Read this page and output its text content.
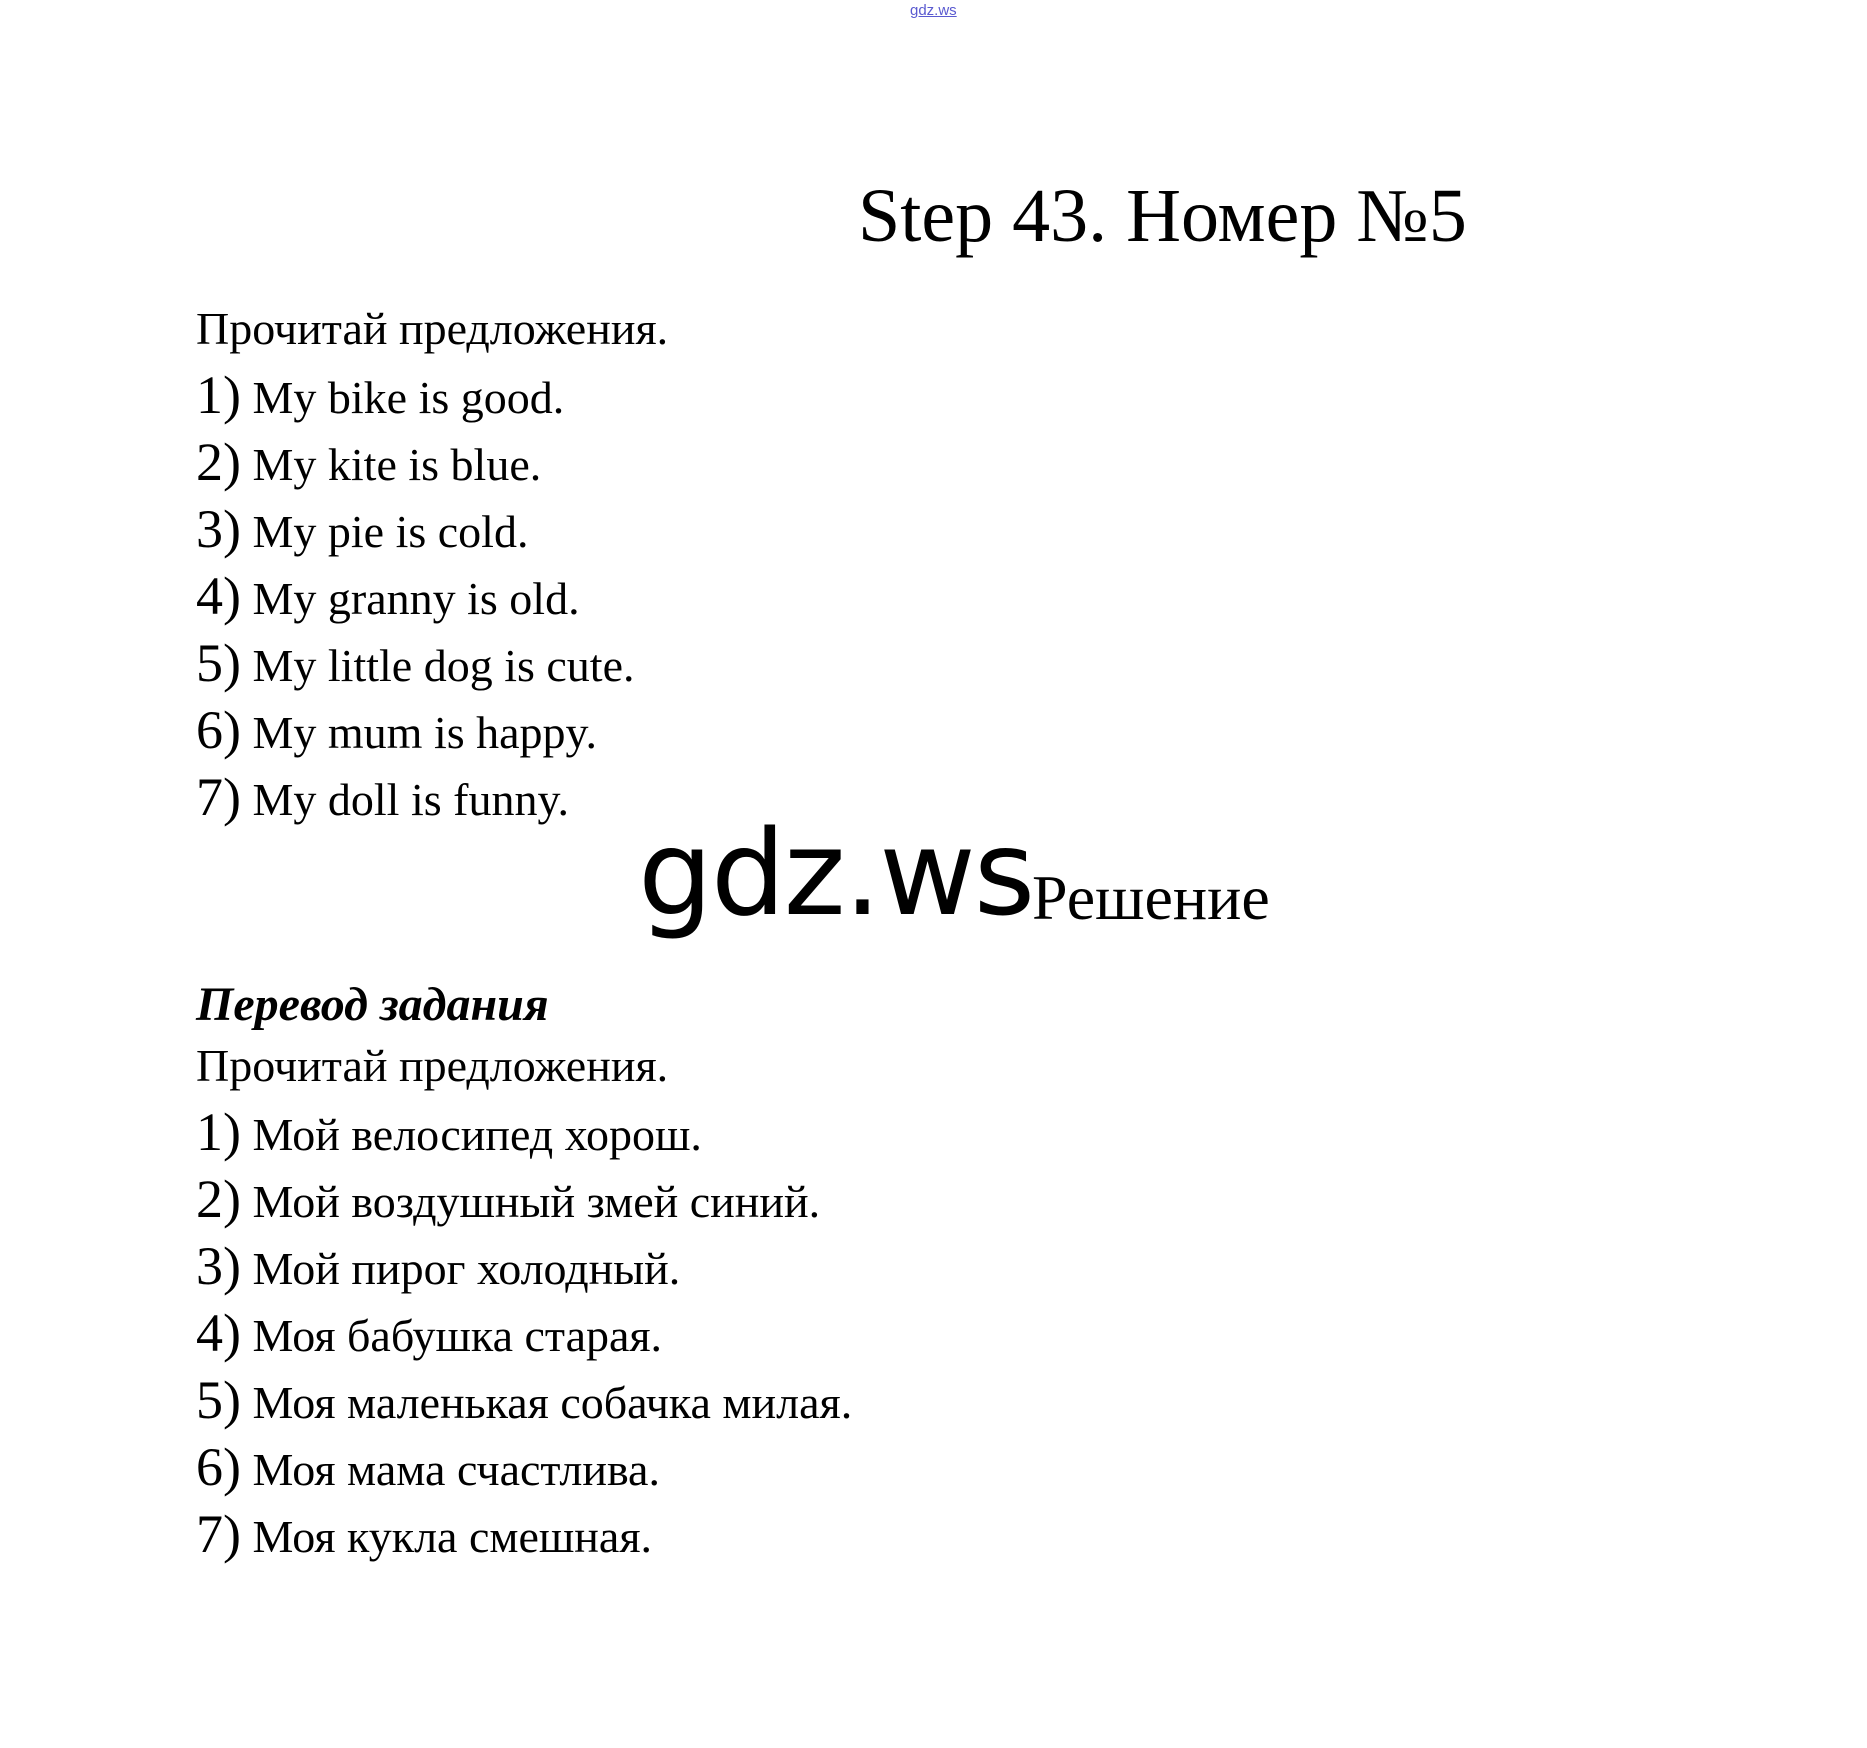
gdz.ws
Step 43. Номер №5
Прочитай предложения.
1) My bike is good.
2) My kite is blue.
3) My pie is cold.
4) My granny is old.
5) My little dog is cute.
6) My mum is happy.
7) My doll is funny.
gdz.ws
Решение
Перевод задания
Прочитай предложения.
1) Мой велосипед хорош.
2) Мой воздушный змей синий.
3) Мой пирог холодный.
4) Моя бабушка старая.
5) Моя маленькая собачка милая.
6) Моя мама счастлива.
7) Моя кукла смешная.
